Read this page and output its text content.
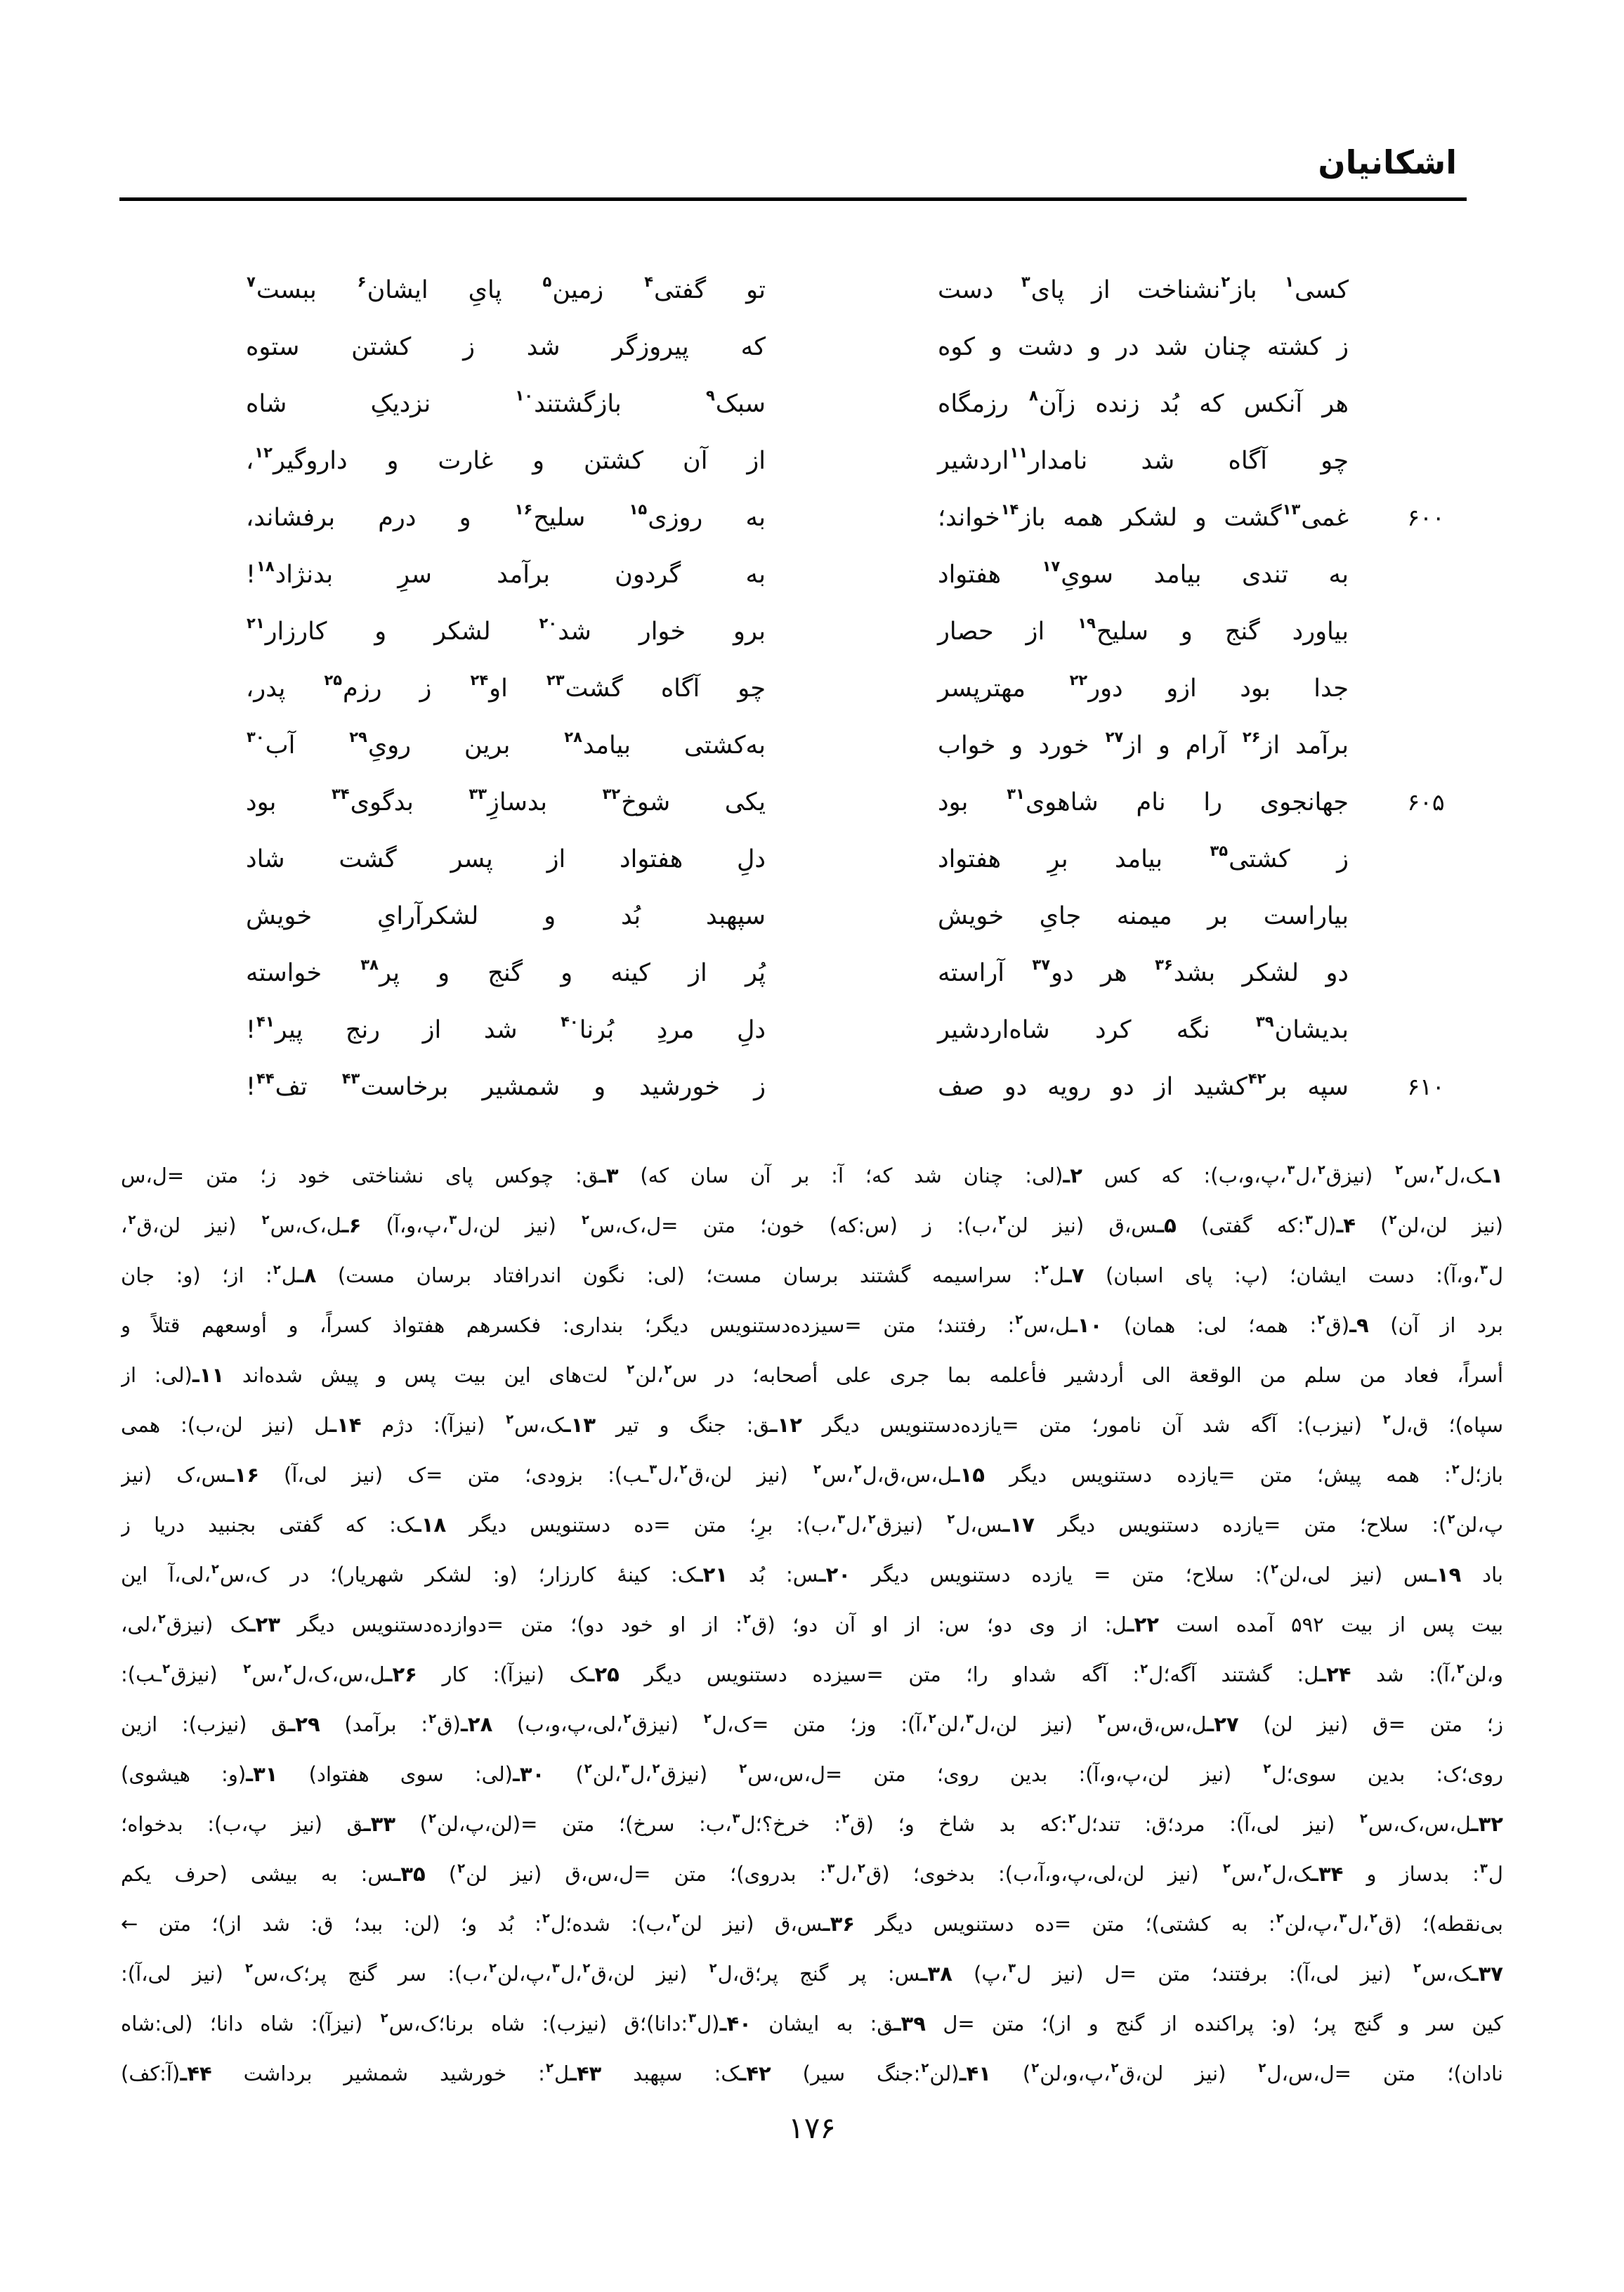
اشکانیان
کسی$^۱$ باز$^۲$نشناخت از پای$^۳$ دست
تو گفتی$^۴$ زمین$^۵$ پایِ ایشان$^۶$ ببست$^۷$
ز کشته چنان شد در و دشت و کوه
که پیروزگر شد ز کشتن ستوه
هر آنکس که بُد زنده زآن$^۸$ رزمگاه
سبک$^۹$ بازگشتند$^{۱۰}$ نزدیکِ شاه
چو آگاه شد نامدار$^{۱۱}$اردشیر
از آن کشتن و غارت و داروگیر$^{۱۲}$،
۶۰۰
غمی$^{۱۳}$گشت و لشکر همه باز$^{۱۴}$خواند؛
به روزی$^{۱۵}$ سلیح$^{۱۶}$ و درم برفشاند،
به تندی بیامد سویِ$^{۱۷}$ هفتواد
به گردون برآمد سرِ بدنژاد$^{۱۸}$!
بیاورد گنج و سلیح$^{۱۹}$ از حصار
برو خوار شد$^{۲۰}$ لشکر و کارزار$^{۲۱}$
جدا بود ازو دور$^{۲۲}$ مهترپسر
چو آگاه گشت$^{۲۳}$ او$^{۲۴}$ ز رزم$^{۲۵}$ پدر،
برآمد از$^{۲۶}$ آرام و از$^{۲۷}$ خورد و خواب
به‌کشتی بیامد$^{۲۸}$ برین رویِ$^{۲۹}$ آب$^{۳۰}$
۶۰۵
جهانجوی را نام شاهوی$^{۳۱}$ بود
یکی شوخ$^{۳۲}$ بدسازِ$^{۳۳}$ بدگوی$^{۳۴}$ بود
ز کشتی$^{۳۵}$ بیامد برِ هفتواد
دلِ هفتواد از پسر گشت شاد
بیاراست بر میمنه جایِ خویش
سپهبد بُد و لشکرآرایِ خویش
دو لشکر بشد$^{۳۶}$ هر دو$^{۳۷}$ آراسته
پُر از کینه و گنج و پر$^{۳۸}$ خواسته
بدیشان$^{۳۹}$ نگه کرد شاه‌اردشیر
دلِ مردِ بُرنا$^{۴۰}$ شد از رنج پیر$^{۴۱}$!
۶۱۰
سپه بر$^{۴۲}$کشید از دو رویه دو صف
ز خورشید و شمشیر برخاست$^{۴۳}$ تف$^{۴۴}$!
۱ـک،ل$^۲$،س$^۲$ (نیزق$^۲$،ل$^۳$،پ،و،ب): که کس ۲ـ(لی: چنان شد که؛ آ: بر آن سان که) ۳ـق: چوکس پای نشناختی خود ز؛ متن =ل،س
(نیز لن،لن$^۲$) ۴ـ(ل$^۳$:که گفتی) ۵ـس،ق (نیز لن$^۲$،ب): ز (س:که) خون؛ متن =ل،ک،س$^۲$ (نیز لن،ل$^۳$،پ،و،آ) ۶ـل،ک،س$^۲$ (نیز لن،ق$^۲$،
ل$^۳$،و،آ): دست ایشان؛ (پ: پای اسبان) ۷ـل$^۲$: سراسیمه گشتند برسان مست؛ (لی: نگون اندرافتاد برسان مست) ۸ـل$^۲$: از؛ (و: جان
برد از آن) ۹ـ(ق$^۲$: همه؛ لی: همان) ۱۰ـل،س$^۲$: رفتند؛ متن =سیزده‌دستنویس دیگر؛ بنداری: فکسرهم هفتواذ کسراً، و أوسعهم قتلاً و
أسراً، فعاد من سلم من الوقعة الی أردشیر فأعلمه بما جری علی أصحابه؛ در س$^۲$،لن$^۲$ لت‌های این بیت پس و پیش شده‌اند ۱۱ـ(لی: از
سپاه)؛ ق،ل$^۲$ (نیزب): آگه شد آن نامور؛ متن =یازده‌دستنویس دیگر ۱۲ـق: جنگ و تیر ۱۳ـک،س$^۲$ (نیزآ): دژم ۱۴ـل (نیز لن،ب): همی
باز؛ل$^۲$: همه پیش؛ متن =یازده دستنویس دیگر ۱۵ـل،س،ق،ل$^۲$،س$^۲$ (نیز لن،ق$^۲$،ل$^۳$ـب): بزودی؛ متن =ک (نیز لی،آ) ۱۶ـس،ک (نیز
پ،لن$^۲$): سلاح؛ متن =یازده دستنویس دیگر ۱۷ـس،ل$^۲$ (نیزق$^۲$،ل$^۳$،ب): برِ؛ متن =ده دستنویس دیگر ۱۸ـک: که گفتی بجنبید دریا ز
باد ۱۹ـس (نیز لی،لن$^۲$): سلاح؛ متن = یازده دستنویس دیگر ۲۰ـس: بُد ۲۱ـک: کینهٔ کارزار؛ (و: لشکر شهریار)؛ در ک،س$^۲$،لی،آ این
بیت پس از بیت ۵۹۲ آمده است ۲۲ـل: از وی دو؛ س: از او آن دو؛ (ق$^۲$: از او خود دو)؛ متن =دوازده‌دستنویس دیگر ۲۳ـک (نیزق$^۲$،لی،
و،لن$^۲$،آ): شد ۲۴ـل: گشتند آگه؛ل$^۲$: آگه شداو را؛ متن =سیزده دستنویس دیگر ۲۵ـک (نیزآ): کار ۲۶ـل،س،ک،ل$^۲$،س$^۲$ (نیزق$^۲$ـب):
ز؛ متن =ق (نیز لن) ۲۷ـل،س،ق،س$^۲$ (نیز لن،ل$^۳$،لن$^۲$،آ): وز؛ متن =ک،ل$^۲$ (نیزق$^۲$،لی،پ،و،ب) ۲۸ـ(ق$^۲$: برآمد) ۲۹ـق (نیزب): ازین
روی؛ک: بدین سوی؛ل$^۲$ (نیز لن،پ،و،آ): بدین روی؛ متن =ل،س،س$^۲$ (نیزق$^۲$،ل$^۳$،لن$^۲$) ۳۰ـ(لی: سوی هفتواد) ۳۱ـ(و: هیشوی)
۳۲ـل،س،ک،س$^۲$ (نیز لی،آ): مرد؛ق: تند؛ل$^۲$:که بد شاخ و؛ (ق$^۲$: خرخ؟؛ل$^۳$،ب: سرخ)؛ متن =(لن،پ،لن$^۲$) ۳۳ـق (نیز پ،ب): بدخواه؛
ل$^۳$: بدساز و ۳۴ـک،ل$^۲$،س$^۲$ (نیز لن،لی،پ،و،آ،ب): بدخوی؛ (ق$^۲$،ل$^۳$: بدروی)؛ متن =ل،س،ق (نیز لن$^۲$) ۳۵ـس: به بیشی (حرف یکم
بی‌نقطه)؛ (ق$^۲$،ل$^۳$،پ،لن$^۲$: به کشتی)؛ متن =ده دستنویس دیگر ۳۶ـس،ق (نیز لن$^۲$،ب): شده؛ل$^۲$: بُد و؛ (لن: ببد؛ ق: شد از)؛ متن ←
۳۷ـک،س$^۲$ (نیز لی،آ): برفتند؛ متن =ل (نیز ل$^۳$،پ) ۳۸ـس: پر گنج پر؛ق،ل$^۲$ (نیز لن،ق$^۲$،ل$^۳$،پ،لن$^۲$،ب): سر گنج پر؛ک،س$^۲$ (نیز لی،آ):
کین سر و گنج پر؛ (و: پراکنده از گنج و از)؛ متن =ل ۳۹ـق: به ایشان ۴۰ـ(ل$^۳$:دانا)؛ق (نیزب): شاه برنا؛ک،س$^۲$ (نیزآ): شاه دانا؛ (لی:شاه
نادان)؛ متن =ل،س،ل$^۲$ (نیز لن،ق$^۲$،پ،و،لن$^۲$) ۴۱ـ(لن$^۲$:جنگ سیر) ۴۲ـک: سپهبد ۴۳ـل$^۲$: خورشید شمشیر برداشت ۴۴ـ(آ:کف)
۱۷۶
